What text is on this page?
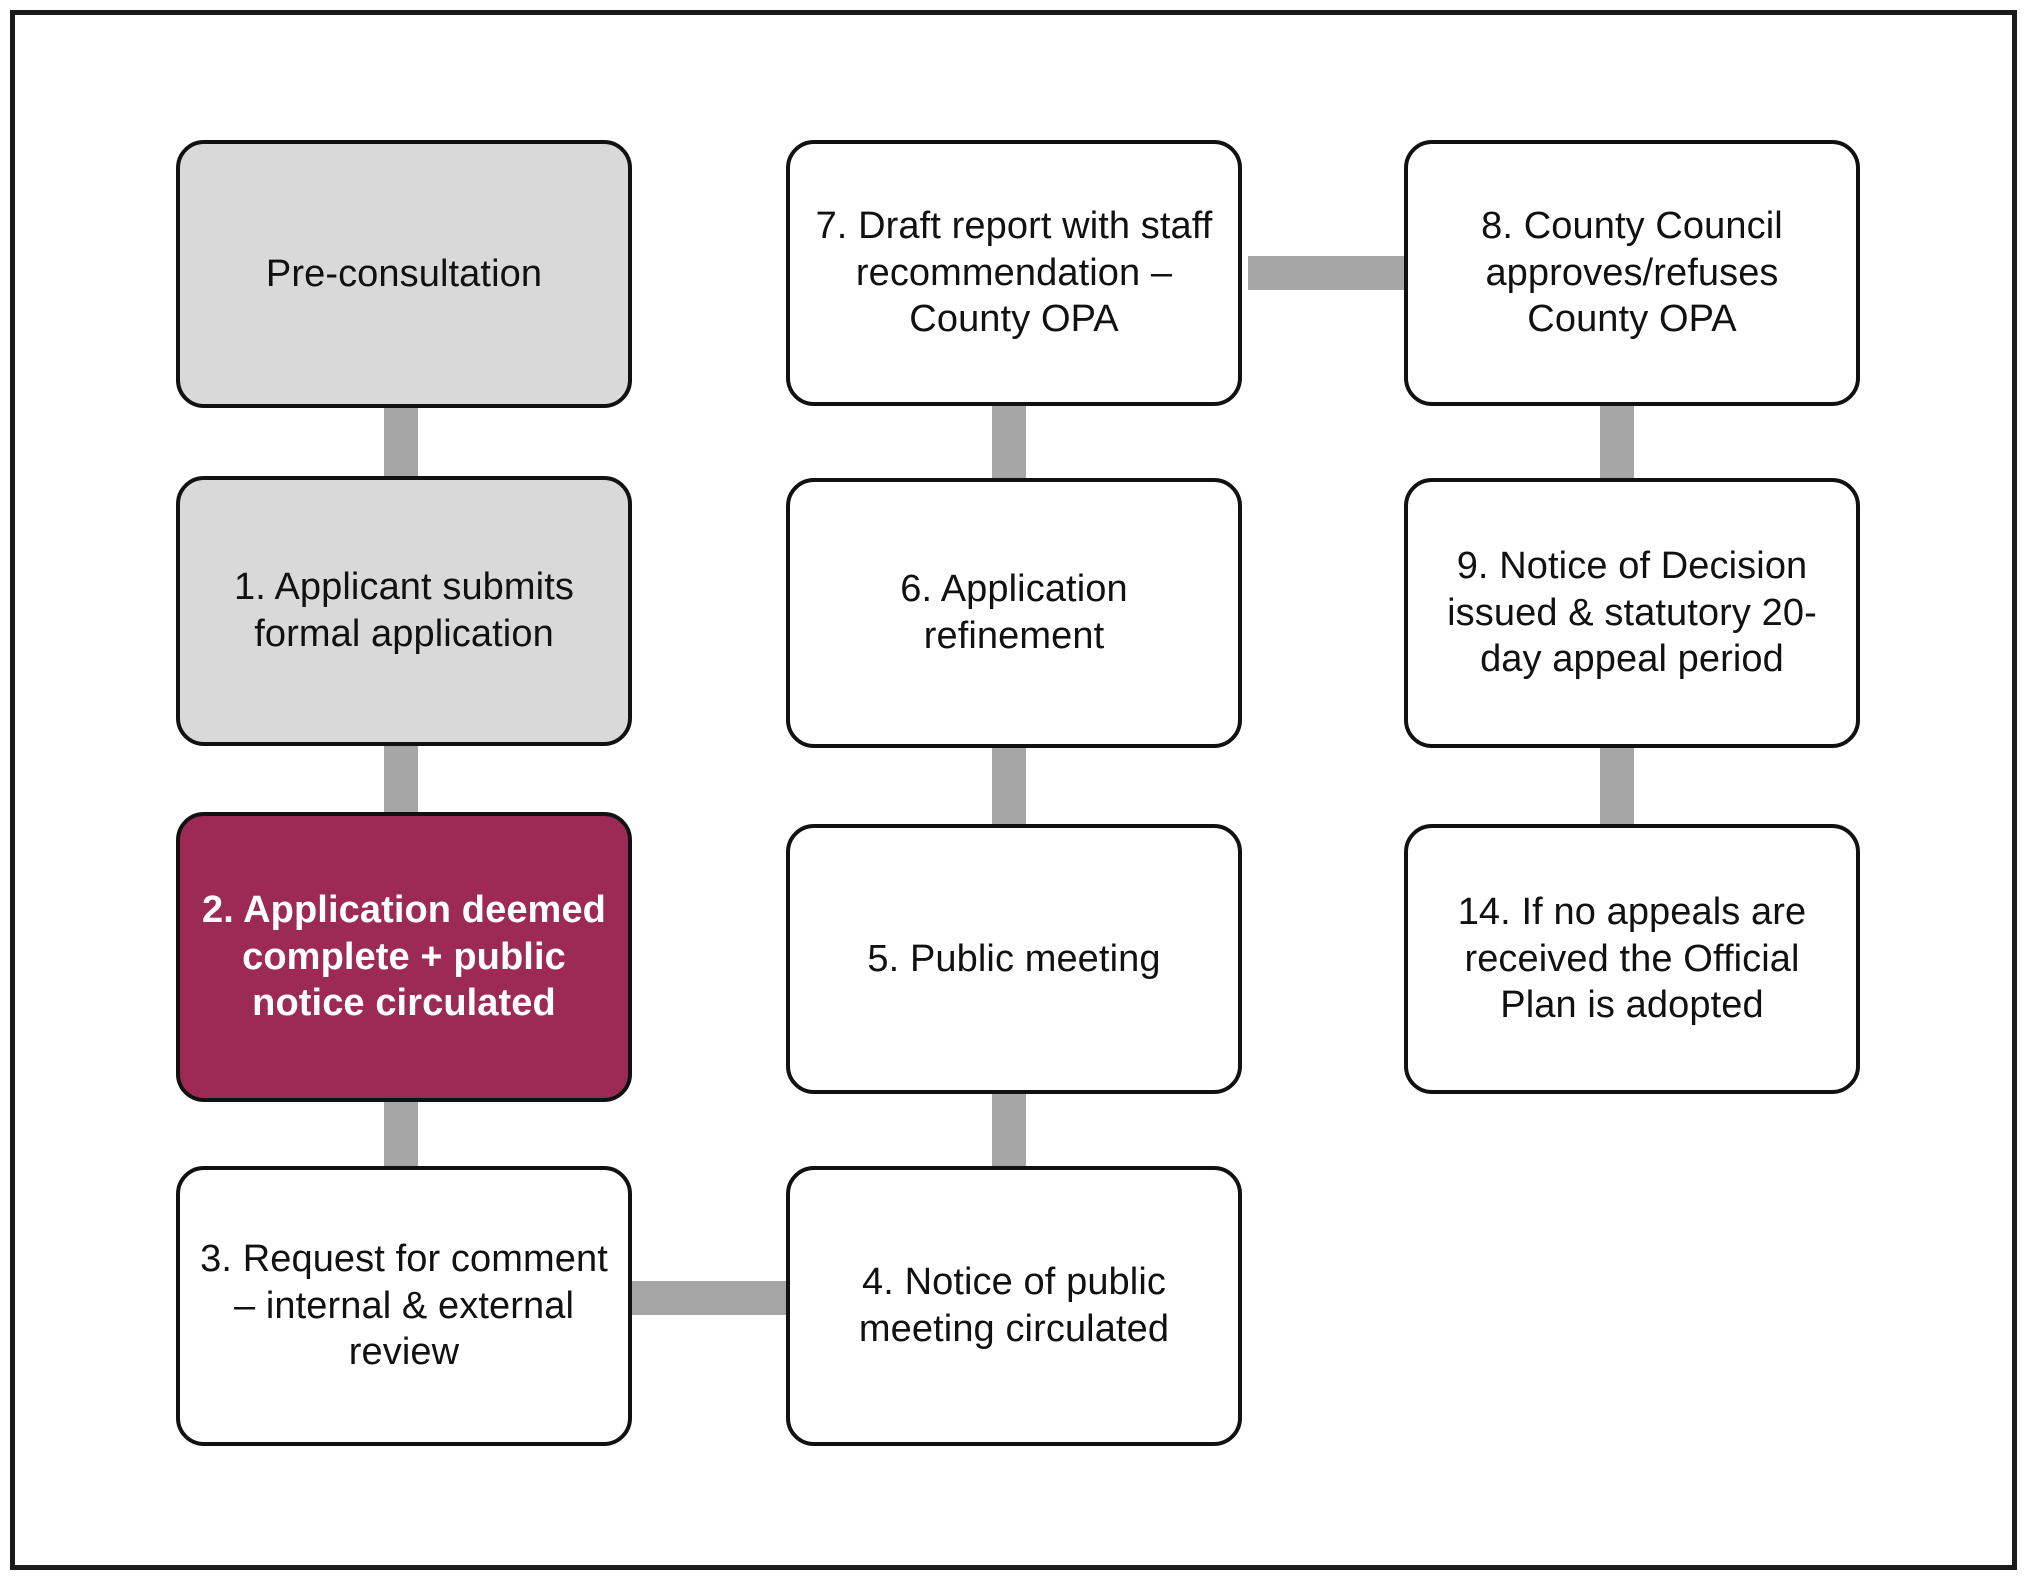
Pre-consultation
1. Applicant submits formal application
2. Application deemed complete + public notice circulated
3. Request for comment – internal & external review
4. Notice of public meeting circulated
5. Public meeting
6. Application refinement
7. Draft report with staff recommendation – County OPA
8. County Council approves/refuses County OPA
9. Notice of Decision issued & statutory 20-day appeal period
14. If no appeals are received the Official Plan is adopted
